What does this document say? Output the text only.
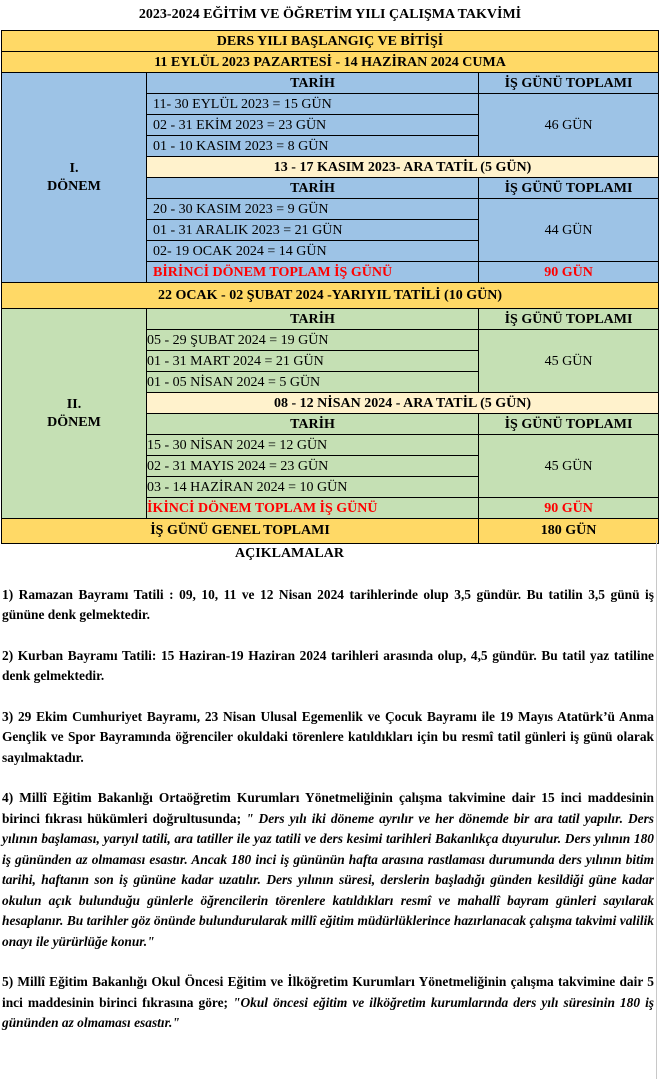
2023-2024 EĞİTİM VE ÖĞRETİM YILI ÇALIŞMA TAKVİMİ		
DERS YILI BAŞLANGIÇ VE BİTİŞİ		
11 EYLÜL 2023 PAZARTESİ - 14 HAZİRAN 2024 CUMA		
I.
DÖNEM	TARİH	İŞ GÜNÜ TOPLAMI
	11- 30 EYLÜL 2023 = 15 GÜN	46 GÜN
	02 - 31 EKİM 2023 = 23 GÜN	
	01 - 10 KASIM 2023 = 8 GÜN	
	13 - 17 KASIM 2023- ARA TATİL (5 GÜN)	
	TARİH	İŞ GÜNÜ TOPLAMI
	20 - 30 KASIM 2023 = 9 GÜN	44 GÜN
	01 - 31 ARALIK 2023 = 21 GÜN	
	02- 19 OCAK 2024 = 14 GÜN	
	BİRİNCİ DÖNEM TOPLAM İŞ GÜNÜ	90 GÜN
22 OCAK - 02 ŞUBAT 2024 -YARIYIL TATİLİ (10 GÜN)		
II.
DÖNEM	TARİH	İŞ GÜNÜ TOPLAMI
	05 - 29 ŞUBAT 2024 = 19 GÜN	45 GÜN
	01 - 31 MART 2024 = 21 GÜN	
	01 - 05 NİSAN 2024 = 5 GÜN	
	08 - 12 NİSAN 2024 - ARA TATİL (5 GÜN)	
	TARİH	İŞ GÜNÜ TOPLAMI
	15 - 30 NİSAN 2024 = 12 GÜN	45 GÜN
	02 - 31 MAYIS 2024 = 23 GÜN	
	03 - 14 HAZİRAN 2024 = 10 GÜN	
	İKİNCİ DÖNEM TOPLAM İŞ GÜNÜ	90 GÜN
İŞ GÜNÜ GENEL TOPLAMI		180 GÜN
AÇIKLAMALAR

1) Ramazan Bayramı Tatili : 09, 10, 11 ve 12 Nisan 2024 tarihlerinde olup 3,5 gündür. Bu tatilin 3,5 günü iş gününe denk gelmektedir.

2) Kurban Bayramı Tatili: 15 Haziran-19 Haziran 2024 tarihleri arasında olup, 4,5 gündür. Bu tatil yaz tatiline denk gelmektedir.

3) 29 Ekim Cumhuriyet Bayramı, 23 Nisan Ulusal Egemenlik ve Çocuk Bayramı ile 19 Mayıs Atatürk’ü Anma Gençlik ve Spor Bayramında öğrenciler okuldaki törenlere katıldıkları için bu resmî tatil günleri iş günü olarak sayılmaktadır.

4) Millî Eğitim Bakanlığı Ortaöğretim Kurumları Yönetmeliğinin çalışma takvimine dair 15 inci maddesinin birinci fıkrası hükümleri doğrultusunda; " Ders yılı iki döneme ayrılır ve her dönemde bir ara tatil yapılır. Ders yılının başlaması, yarıyıl tatili, ara tatiller ile yaz tatili ve ders kesimi tarihleri Bakanlıkça duyurulur. Ders yılının 180 iş gününden az olmaması esastır. Ancak 180 inci iş gününün hafta arasına rastlaması durumunda ders yılının bitim tarihi, haftanın son iş gününe kadar uzatılır. Ders yılının süresi, derslerin başladığı günden kesildiği güne kadar okulun açık bulunduğu günlerle öğrencilerin törenlere katıldıkları resmî ve mahallî bayram günleri sayılarak hesaplanır. Bu tarihler göz önünde bulundurularak millî eğitim müdürlüklerince hazırlanacak çalışma takvimi valilik onayı ile yürürlüğe konur."

5) Millî Eğitim Bakanlığı Okul Öncesi Eğitim ve İlköğretim Kurumları Yönetmeliğinin çalışma takvimine dair 5 inci maddesinin birinci fıkrasına göre; "Okul öncesi eğitim ve ilköğretim kurumlarında ders yılı süresinin 180 iş gününden az olmaması esastır."
